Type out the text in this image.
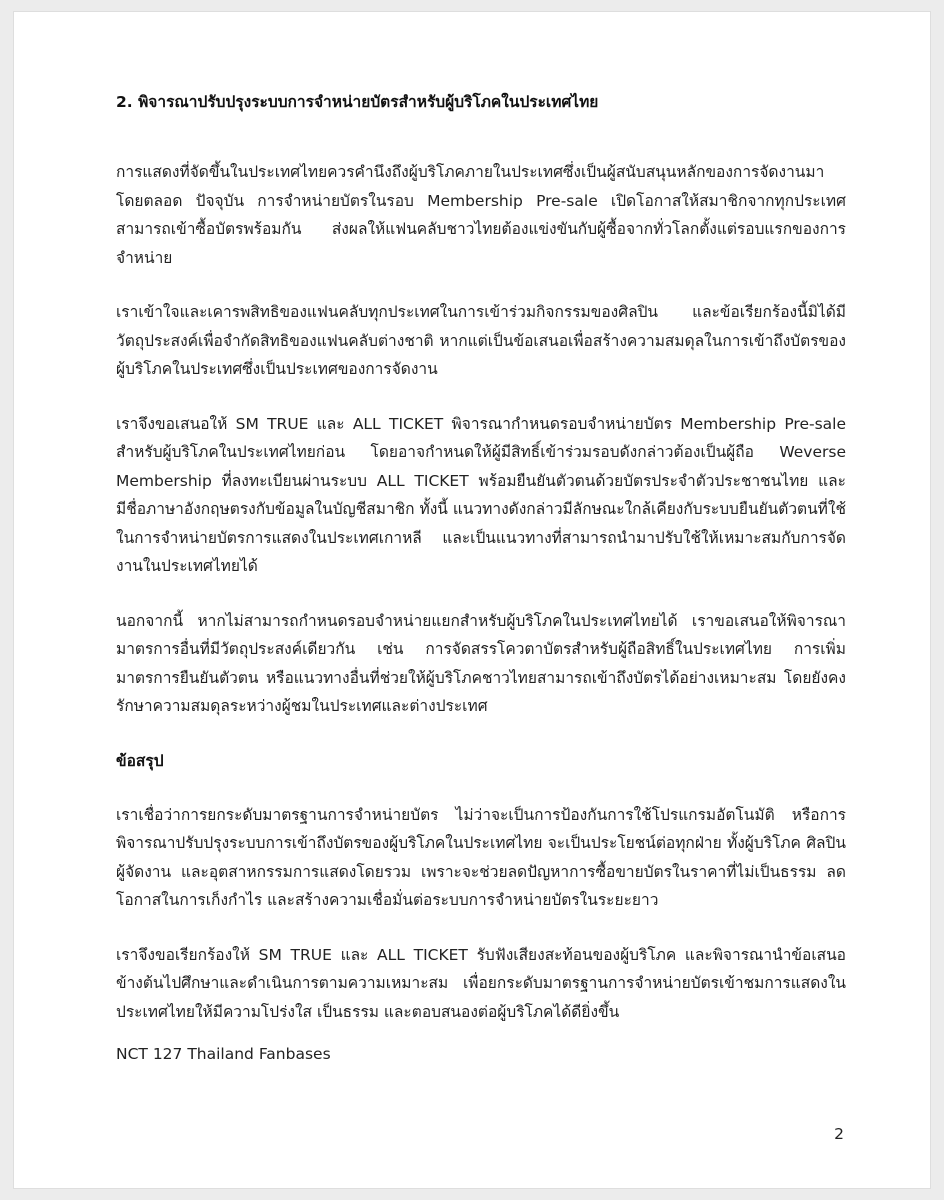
2. พิจารณาปรับปรุงระบบการจำหน่ายบัตรสำหรับผู้บริโภคในประเทศไทย

การแสดงที่จัดขึ้นในประเทศไทยควรคำนึงถึงผู้บริโภคภายในประเทศซึ่งเป็นผู้สนับสนุนหลักของการจัดงานมาโดยตลอด ปัจจุบัน การจำหน่ายบัตรในรอบ Membership Pre-sale เปิดโอกาสให้สมาชิกจากทุกประเทศสามารถเข้าซื้อบัตรพร้อมกัน ส่งผลให้แฟนคลับชาวไทยต้องแข่งขันกับผู้ซื้อจากทั่วโลกตั้งแต่รอบแรกของการจำหน่าย

เราเข้าใจและเคารพสิทธิของแฟนคลับทุกประเทศในการเข้าร่วมกิจกรรมของศิลปิน และข้อเรียกร้องนี้มิได้มีวัตถุประสงค์เพื่อจำกัดสิทธิของแฟนคลับต่างชาติ หากแต่เป็นข้อเสนอเพื่อสร้างความสมดุลในการเข้าถึงบัตรของผู้บริโภคในประเทศซึ่งเป็นประเทศของการจัดงาน

เราจึงขอเสนอให้ SM TRUE และ ALL TICKET พิจารณากำหนดรอบจำหน่ายบัตร Membership Pre-sale สำหรับผู้บริโภคในประเทศไทยก่อน โดยอาจกำหนดให้ผู้มีสิทธิ์เข้าร่วมรอบดังกล่าวต้องเป็นผู้ถือ Weverse Membership ที่ลงทะเบียนผ่านระบบ ALL TICKET พร้อมยืนยันตัวตนด้วยบัตรประจำตัวประชาชนไทย และมีชื่อภาษาอังกฤษตรงกับข้อมูลในบัญชีสมาชิก ทั้งนี้ แนวทางดังกล่าวมีลักษณะใกล้เคียงกับระบบยืนยันตัวตนที่ใช้ในการจำหน่ายบัตรการแสดงในประเทศเกาหลี และเป็นแนวทางที่สามารถนำมาปรับใช้ให้เหมาะสมกับการจัดงานในประเทศไทยได้

นอกจากนี้ หากไม่สามารถกำหนดรอบจำหน่ายแยกสำหรับผู้บริโภคในประเทศไทยได้ เราขอเสนอให้พิจารณามาตรการอื่นที่มีวัตถุประสงค์เดียวกัน เช่น การจัดสรรโควตาบัตรสำหรับผู้ถือสิทธิ์ในประเทศไทย การเพิ่มมาตรการยืนยันตัวตน หรือแนวทางอื่นที่ช่วยให้ผู้บริโภคชาวไทยสามารถเข้าถึงบัตรได้อย่างเหมาะสม โดยยังคงรักษาความสมดุลระหว่างผู้ชมในประเทศและต่างประเทศ

ข้อสรุป

เราเชื่อว่าการยกระดับมาตรฐานการจำหน่ายบัตร ไม่ว่าจะเป็นการป้องกันการใช้โปรแกรมอัตโนมัติ หรือการพิจารณาปรับปรุงระบบการเข้าถึงบัตรของผู้บริโภคในประเทศไทย จะเป็นประโยชน์ต่อทุกฝ่าย ทั้งผู้บริโภค ศิลปิน ผู้จัดงาน และอุตสาหกรรมการแสดงโดยรวม เพราะจะช่วยลดปัญหาการซื้อขายบัตรในราคาที่ไม่เป็นธรรม ลดโอกาสในการเก็งกำไร และสร้างความเชื่อมั่นต่อระบบการจำหน่ายบัตรในระยะยาว

เราจึงขอเรียกร้องให้ SM TRUE และ ALL TICKET รับฟังเสียงสะท้อนของผู้บริโภค และพิจารณานำข้อเสนอข้างต้นไปศึกษาและดำเนินการตามความเหมาะสม เพื่อยกระดับมาตรฐานการจำหน่ายบัตรเข้าชมการแสดงในประเทศไทยให้มีความโปร่งใส เป็นธรรม และตอบสนองต่อผู้บริโภคได้ดียิ่งขึ้น

NCT 127 Thailand Fanbases

2
